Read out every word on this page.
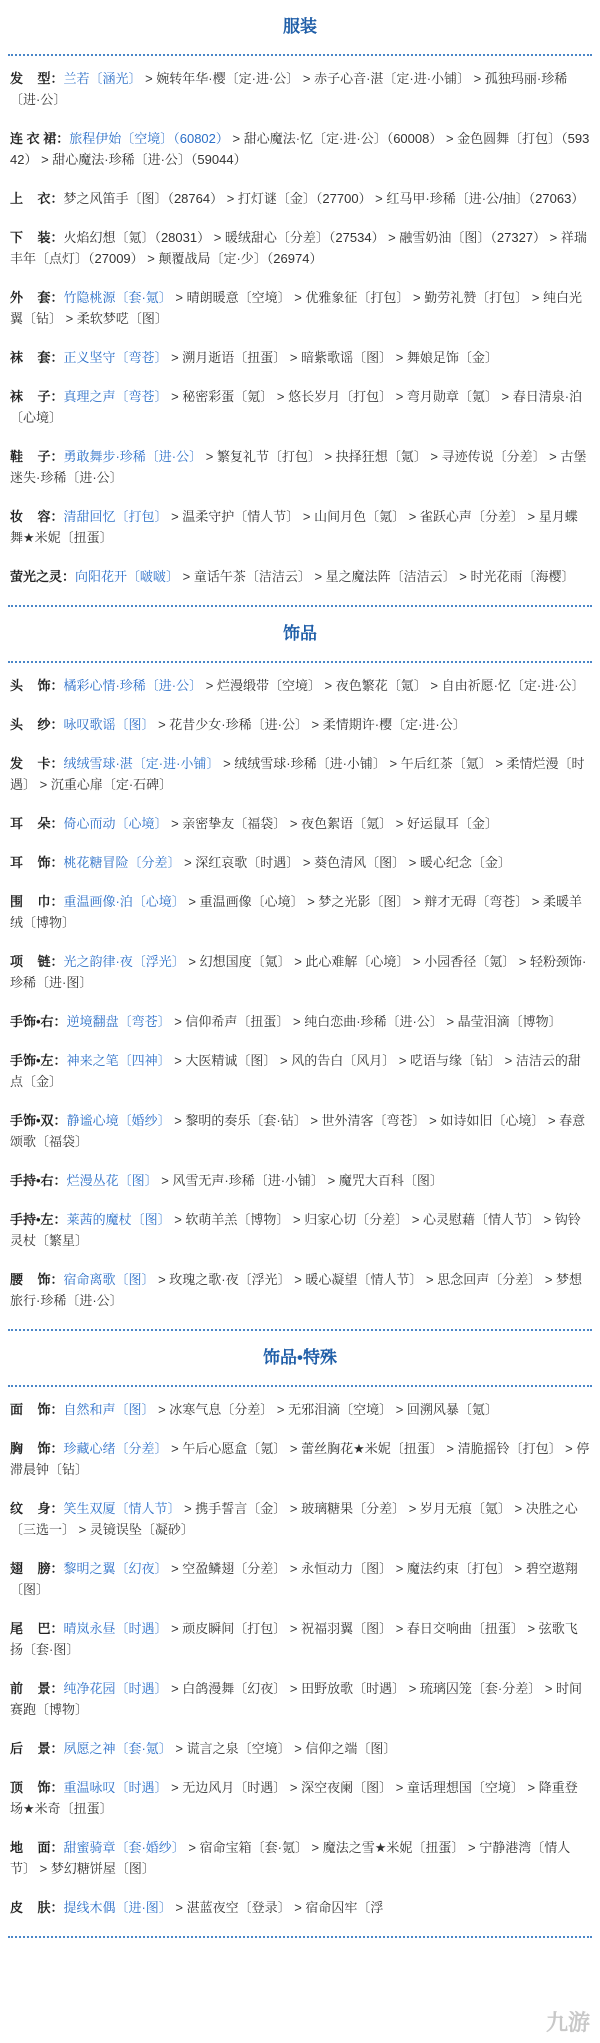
服装
发    型：兰若〔涵光〕 > 婉转年华·樱〔定·进·公〕 > 赤子心音·湛〔定·进·小铺〕 > 孤独玛丽·珍稀〔进·公〕
连 衣 裙：旅程伊始〔空境〕（60802） > 甜心魔法·忆〔定·进·公〕（60008） > 金色圆舞〔打包〕（59342） > 甜心魔法·珍稀〔进·公〕（59044）
上    衣：梦之风笛手〔图〕（28764） > 打灯谜〔金〕（27700） > 红马甲·珍稀〔进·公/抽〕（27063）
下    装：火焰幻想〔氪〕（28031） > 暖绒甜心〔分差〕（27534） > 融雪奶油〔图〕（27327） > 祥瑞丰年〔点灯〕（27009） > 颠覆战局〔定·少〕（26974）
外    套：竹隐桃源〔套·氪〕 > 晴朗暖意〔空境〕 > 优雅象征〔打包〕 > 勤劳礼赞〔打包〕 > 纯白光翼〔钻〕 > 柔软梦呓〔图〕
袜    套：正义坚守〔弯苍〕 > 溯月逝语〔扭蛋〕 > 暗紫歌谣〔图〕 > 舞娘足饰〔金〕
袜    子：真理之声〔弯苍〕 > 秘密彩蛋〔氪〕 > 悠长岁月〔打包〕 > 弯月勋章〔氪〕 > 春日清泉·泊〔心境〕
鞋    子：勇敢舞步·珍稀〔进·公〕 > 繁复礼节〔打包〕 > 抉择狂想〔氪〕 > 寻迹传说〔分差〕 > 古堡迷失·珍稀〔进·公〕
妆    容：清甜回忆〔打包〕 > 温柔守护〔情人节〕 > 山间月色〔氪〕 > 雀跃心声〔分差〕 > 星月蝶舞★米妮〔扭蛋〕
萤光之灵：向阳花开〔啵啵〕 > 童话午茶〔洁洁云〕 > 星之魔法阵〔洁洁云〕 > 时光花雨〔海樱〕
饰品
头    饰：橘彩心情·珍稀〔进·公〕 > 烂漫缎带〔空境〕 > 夜色繁花〔氪〕 > 自由祈愿·忆〔定·进·公〕
头    纱：咏叹歌谣〔图〕 > 花昔少女·珍稀〔进·公〕 > 柔情期许·樱〔定·进·公〕
发    卡：绒绒雪球·湛〔定·进·小铺〕 > 绒绒雪球·珍稀〔进·小铺〕 > 午后红茶〔氪〕 > 柔情烂漫〔时遇〕 > 沉重心扉〔定·石碑〕
耳    朵：倚心而动〔心境〕 > 亲密挚友〔福袋〕 > 夜色絮语〔氪〕 > 好运鼠耳〔金〕
耳    饰：桃花糖冒险〔分差〕 > 深红哀歌〔时遇〕 > 葵色清风〔图〕 > 暖心纪念〔金〕
围    巾：重温画像·泊〔心境〕 > 重温画像〔心境〕 > 梦之光影〔图〕 > 辩才无碍〔弯苍〕 > 柔暖羊绒〔博物〕
项    链：光之韵律·夜〔浮光〕 > 幻想国度〔氪〕 > 此心难解〔心境〕 > 小园香径〔氪〕 > 轻粉颈饰·珍稀〔进·图〕
手饰•右：逆境翻盘〔弯苍〕 > 信仰希声〔扭蛋〕 > 纯白恋曲·珍稀〔进·公〕 > 晶莹泪滴〔博物〕
手饰•左：神来之笔〔四神〕 > 大医精诚〔图〕 > 风的告白〔风月〕 > 呓语与缘〔钻〕 > 洁洁云的甜点〔金〕
手饰•双：静谧心境〔婚纱〕 > 黎明的奏乐〔套·钻〕 > 世外清客〔弯苍〕 > 如诗如旧〔心境〕 > 春意颂歌〔福袋〕
手持•右：烂漫丛花〔图〕 > 风雪无声·珍稀〔进·小铺〕 > 魔咒大百科〔图〕
手持•左：莱茜的魔杖〔图〕 > 软萌羊羔〔博物〕 > 归家心切〔分差〕 > 心灵慰藉〔情人节〕 > 钩铃灵杖〔繁星〕
腰    饰：宿命离歌〔图〕 > 玫瑰之歌·夜〔浮光〕 > 暖心凝望〔情人节〕 > 思念回声〔分差〕 > 梦想旅行·珍稀〔进·公〕
饰品•特殊
面    饰：自然和声〔图〕 > 冰寒气息〔分差〕 > 无邪泪滴〔空境〕 > 回溯风暴〔氪〕
胸    饰：珍藏心绪〔分差〕 > 午后心愿盒〔氪〕 > 蕾丝胸花★米妮〔扭蛋〕 > 清脆摇铃〔打包〕 > 停滞晨钟〔钻〕
纹    身：笑生双厦〔情人节〕 > 携手誓言〔金〕 > 玻璃糖果〔分差〕 > 岁月无痕〔氪〕 > 决胜之心〔三选一〕 > 灵镜误坠〔凝砂〕
翅    膀：黎明之翼〔幻夜〕 > 空盈鳞翅〔分差〕 > 永恒动力〔图〕 > 魔法约束〔打包〕 > 碧空遨翔〔图〕
尾    巴：晴岚永昼〔时遇〕 > 顽皮瞬间〔打包〕 > 祝福羽翼〔图〕 > 春日交响曲〔扭蛋〕 > 弦歌飞扬〔套·图〕
前    景：纯净花园〔时遇〕 > 白鸽漫舞〔幻夜〕 > 田野放歌〔时遇〕 > 琉璃囚笼〔套·分差〕 > 时间赛跑〔博物〕
后    景：夙愿之神〔套·氪〕 > 谎言之泉〔空境〕 > 信仰之端〔图〕
顶    饰：重温咏叹〔时遇〕 > 无边风月〔时遇〕 > 深空夜阑〔图〕 > 童话理想国〔空境〕 > 降重登场★米奇〔扭蛋〕
地    面：甜蜜骑章〔套·婚纱〕 > 宿命宝箱〔套·氪〕 > 魔法之雪★米妮〔扭蛋〕 > 宁静港湾〔情人节〕 > 梦幻糖饼屋〔图〕
皮    肤：提线木偶〔进·图〕 > 湛蓝夜空〔登录〕 > 宿命囚牢〔浮
九游
